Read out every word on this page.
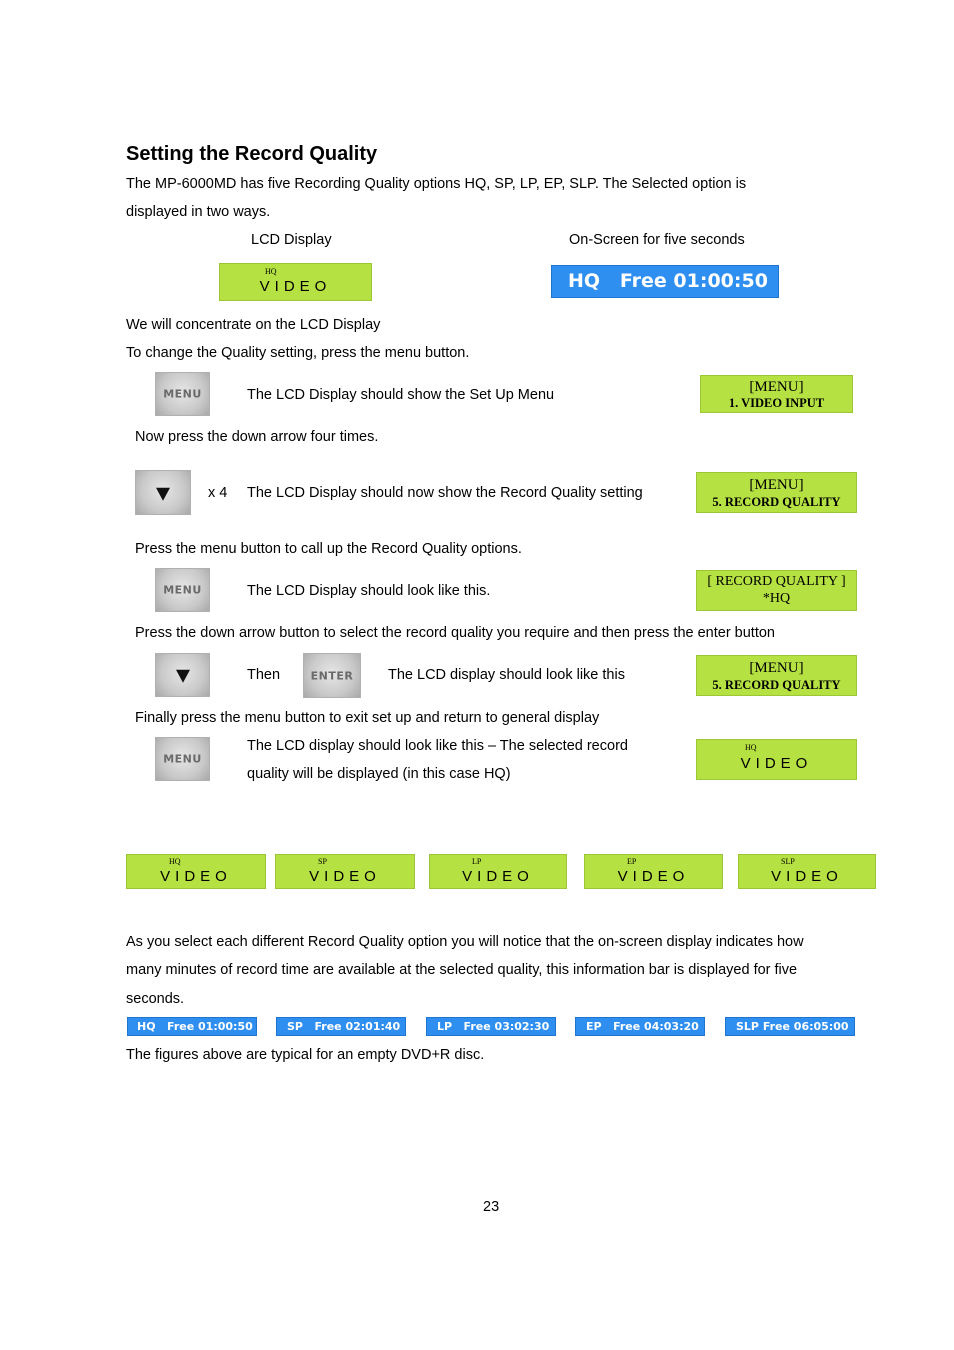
Setting the Record Quality
The MP-6000MD has five Recording Quality options HQ, SP, LP, EP, SLP. The Selected option is
displayed in two ways.
LCD Display	On-Screen for five seconds
HQ
VIDEO	HQ   Free 01:00:50
We will concentrate on the LCD Display
To change the Quality setting, press the menu button.
MENU	The LCD Display should show the Set Up Menu	[MENU]
1. VIDEO INPUT
Now press the down arrow four times.
x 4 The LCD Display should now show the Record Quality setting	[MENU]
5. RECORD QUALITY
Press the menu button to call up the Record Quality options.
MENU	The LCD Display should look like this.
[ RECORD QUALITY ]
*HQ
Press the down arrow button to select the record quality you require and then press the enter button
Then	ENTER	The LCD display should look like this	[MENU]
5. RECORD QUALITY
Finally press the menu button to exit set up and return to general display
MENU
The LCD display should look like this – The selected record
quality will be displayed (in this case HQ)
HQ
VIDEO
HQ
VIDEO
SP
VIDEO
LP
VIDEO
EP
VIDEO
SLP
VIDEO
As you select each different Record Quality option you will notice that the on-screen display indicates how
many minutes of record time are available at the selected quality, this information bar is displayed for five
seconds.
HQ   Free 01:00:50	SP   Free 02:01:40	LP   Free 03:02:30	EP   Free 04:03:20	SLP Free 06:05:00
The figures above are typical for an empty DVD+R disc.
23
